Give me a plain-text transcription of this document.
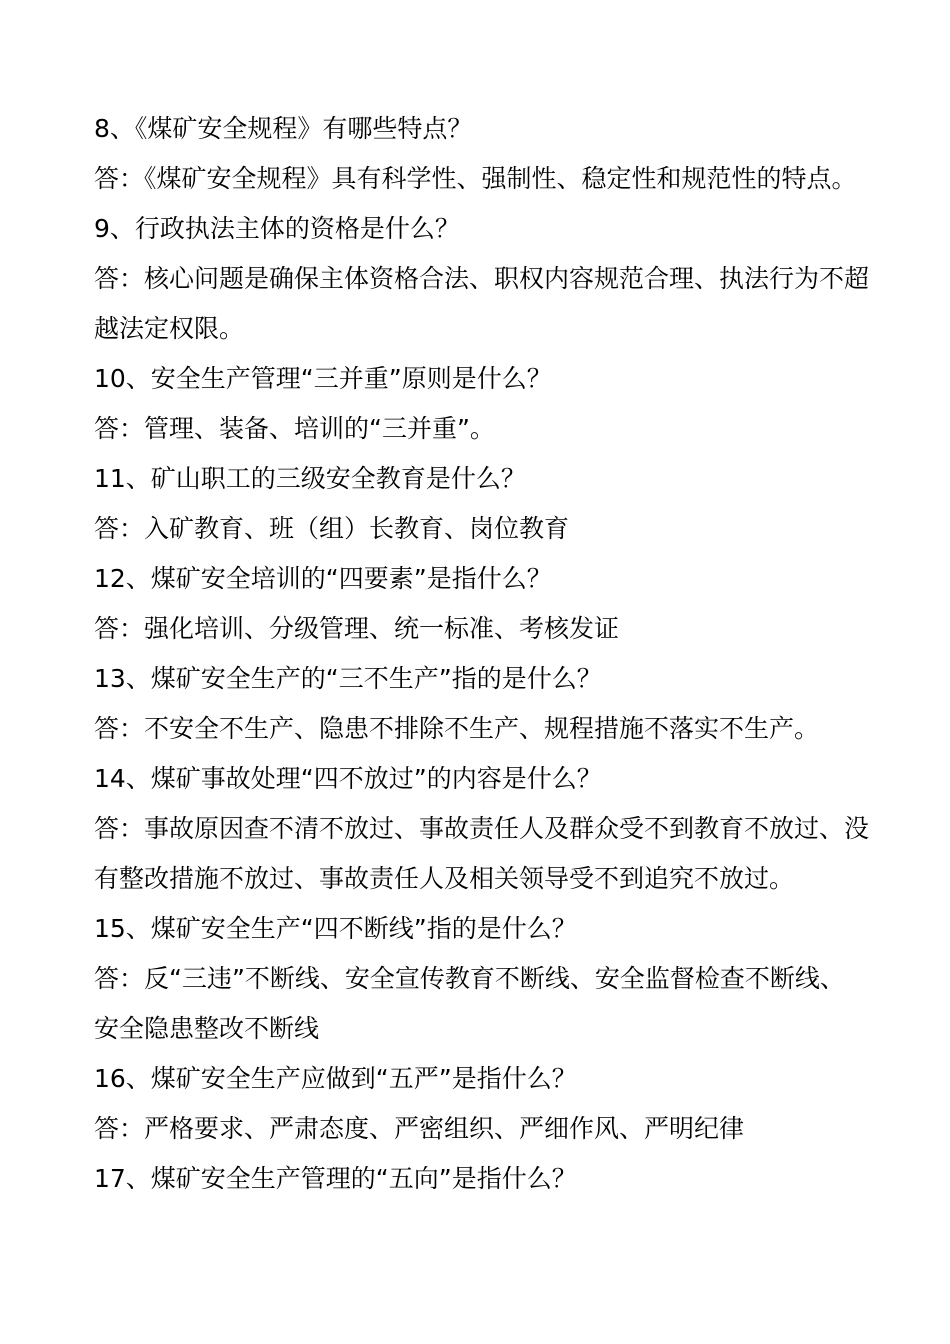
8、《煤矿安全规程》有哪些特点？
答：《煤矿安全规程》具有科学性、强制性、稳定性和规范性的特点。
9、行政执法主体的资格是什么？
答：核心问题是确保主体资格合法、职权内容规范合理、执法行为不超
越法定权限。
10、安全生产管理“三并重”原则是什么？
答：管理、装备、培训的“三并重”。
11、矿山职工的三级安全教育是什么？
答：入矿教育、班（组）长教育、岗位教育
12、煤矿安全培训的“四要素”是指什么？
答：强化培训、分级管理、统一标准、考核发证
13、煤矿安全生产的“三不生产”指的是什么？
答：不安全不生产、隐患不排除不生产、规程措施不落实不生产。
14、煤矿事故处理“四不放过”的内容是什么？
答：事故原因查不清不放过、事故责任人及群众受不到教育不放过、没
有整改措施不放过、事故责任人及相关领导受不到追究不放过。
15、煤矿安全生产“四不断线”指的是什么？
答：反“三违”不断线、安全宣传教育不断线、安全监督检查不断线、
安全隐患整改不断线
16、煤矿安全生产应做到“五严”是指什么？
答：严格要求、严肃态度、严密组织、严细作风、严明纪律
17、煤矿安全生产管理的“五向”是指什么？
